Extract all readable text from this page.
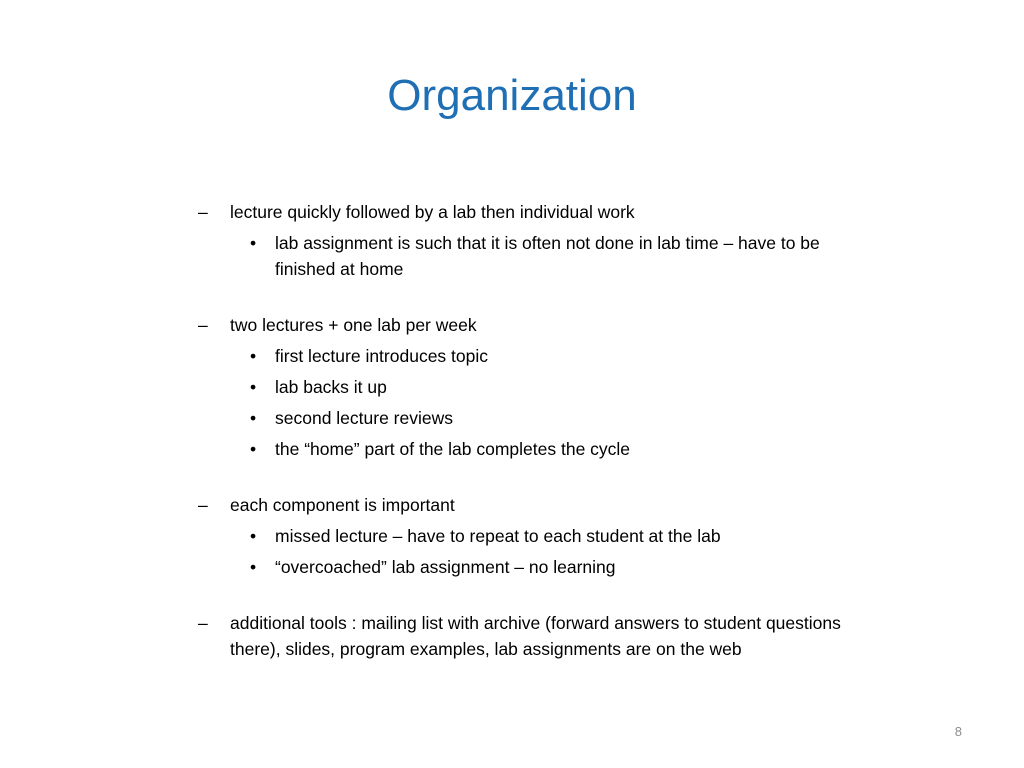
Organization
–	lecture quickly followed by a lab then individual work
•	lab assignment is such that it is often not done in lab time – have to be finished at home
–	two lectures + one lab per week
•	first lecture introduces topic
•	lab backs it up
•	second lecture reviews
•	the “home” part of the lab completes the cycle
–	each component is important
•	missed lecture – have to repeat to each student at the lab
•	“overcoached” lab assignment – no learning
–	additional tools : mailing list with archive (forward answers to student questions there), slides, program examples, lab assignments are on the web
8
